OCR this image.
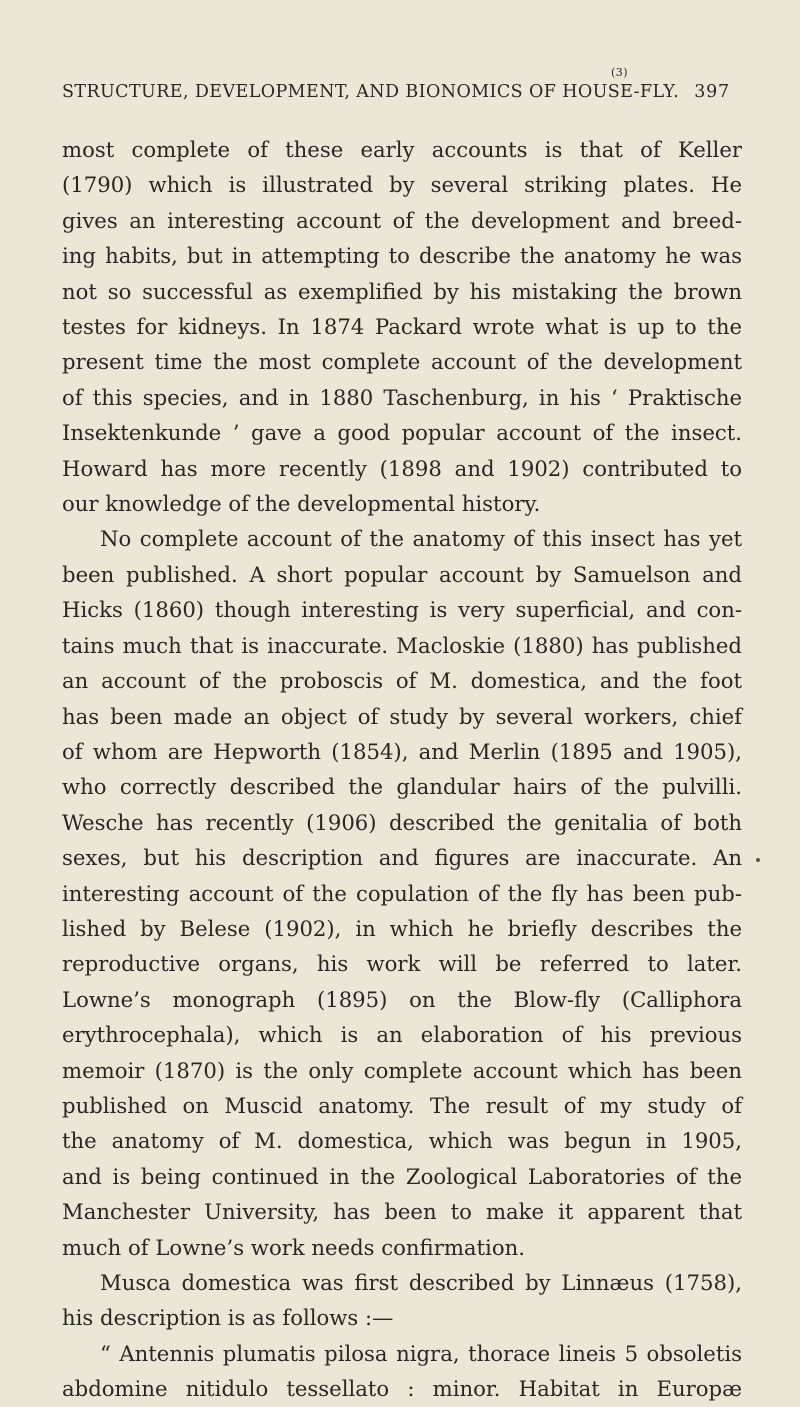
(3)
STRUCTURE, DEVELOPMENT, AND BIONOMICS OF HOUSE-FLY. 397

most complete of these early accounts is that of Keller

(1790) which is illustrated by several striking plates. He

gives an interesting account of the development and breed-

ing habits, but in attempting to describe the anatomy he was

not so successful as exemplified by his mistaking the brown

testes for kidneys. In 1874 Packard wrote what is up to the

present time the most complete account of the development

of this species, and in 1880 Taschenburg, in his ‘ Praktische

Insektenkunde ’ gave a good popular account of the insect.

Howard has more recently (1898 and 1902) contributed to

our knowledge of the developmental history.

No complete account of the anatomy of this insect has yet

been published. A short popular account by Samuelson and

Hicks (1860) though interesting is very superficial, and con-

tains much that is inaccurate. Macloskie (1880) has published

an account of the proboscis of M. domestica, and the foot

has been made an object of study by several workers, chief

of whom are Hepworth (1854), and Merlin (1895 and 1905),

who correctly described the glandular hairs of the pulvilli.

Wesche has recently (1906) described the genitalia of both

sexes, but his description and figures are inaccurate. An

interesting account of the copulation of the fly has been pub-

lished by Belese (1902), in which he briefly describes the

reproductive organs, his work will be referred to later.

Lowne’s monograph (1895) on the Blow-fly (Calliphora

erythrocephala), which is an elaboration of his previous

memoir (1870) is the only complete account which has been

published on Muscid anatomy. The result of my study of

the anatomy of M. domestica, which was begun in 1905,

and is being continued in the Zoological Laboratories of the

Manchester University, has been to make it apparent that

much of Lowne’s work needs confirmation.

Musca domestica was first described by Linnæus (1758),

his description is as follows :—

“ Antennis plumatis pilosa nigra, thorace lineis 5 obsoletis

abdomine nitidulo tessellato : minor. Habitat in Europæ
